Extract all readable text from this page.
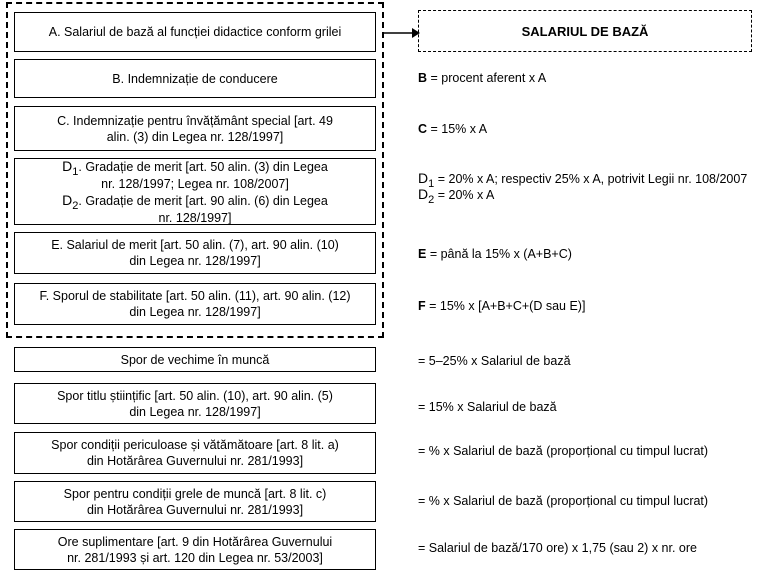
A. Salariul de bază al funcției didactice conform grilei
B. Indemnizație de conducere
C. Indemnizație pentru învățământ special [art. 49
alin. (3) din Legea nr. 128/1997]
$D_1$. Gradație de merit [art. 50 alin. (3) din Legea
nr. 128/1997; Legea nr. 108/2007]
$D_2$. Gradație de merit [art. 90 alin. (6) din Legea
nr. 128/1997]
E. Salariul de merit [art. 50 alin. (7), art. 90 alin. (10)
din Legea nr. 128/1997]
F. Sporul de stabilitate [art. 50 alin. (11), art. 90 alin. (12)
din Legea nr. 128/1997]
Spor de vechime în muncă
Spor titlu științific [art. 50 alin. (10), art. 90 alin. (5)
din Legea nr. 128/1997]
Spor condiții periculoase și vătămătoare [art. 8 lit. a)
din Hotărârea Guvernului nr. 281/1993]
Spor pentru condiții grele de muncă [art. 8 lit. c)
din Hotărârea Guvernului nr. 281/1993]
Ore suplimentare [art. 9 din Hotărârea Guvernului
nr. 281/1993 și art. 120 din Legea nr. 53/2003]
SALARIUL DE BAZĂ
B = procent aferent x A
C = 15% x A
$D_1 = 20\%$ x A; respectiv 25% x A, potrivit Legii nr. 108/2007
$D_2 = 20\%$ x A
E = până la 15% x (A+B+C)
F = 15% x [A+B+C+(D sau E)]
= 5–25% x Salariul de bază
= 15% x Salariul de bază
= % x Salariul de bază (proporțional cu timpul lucrat)
= % x Salariul de bază (proporțional cu timpul lucrat)
= Salariul de bază/170 ore) x 1,75 (sau 2) x nr. ore
